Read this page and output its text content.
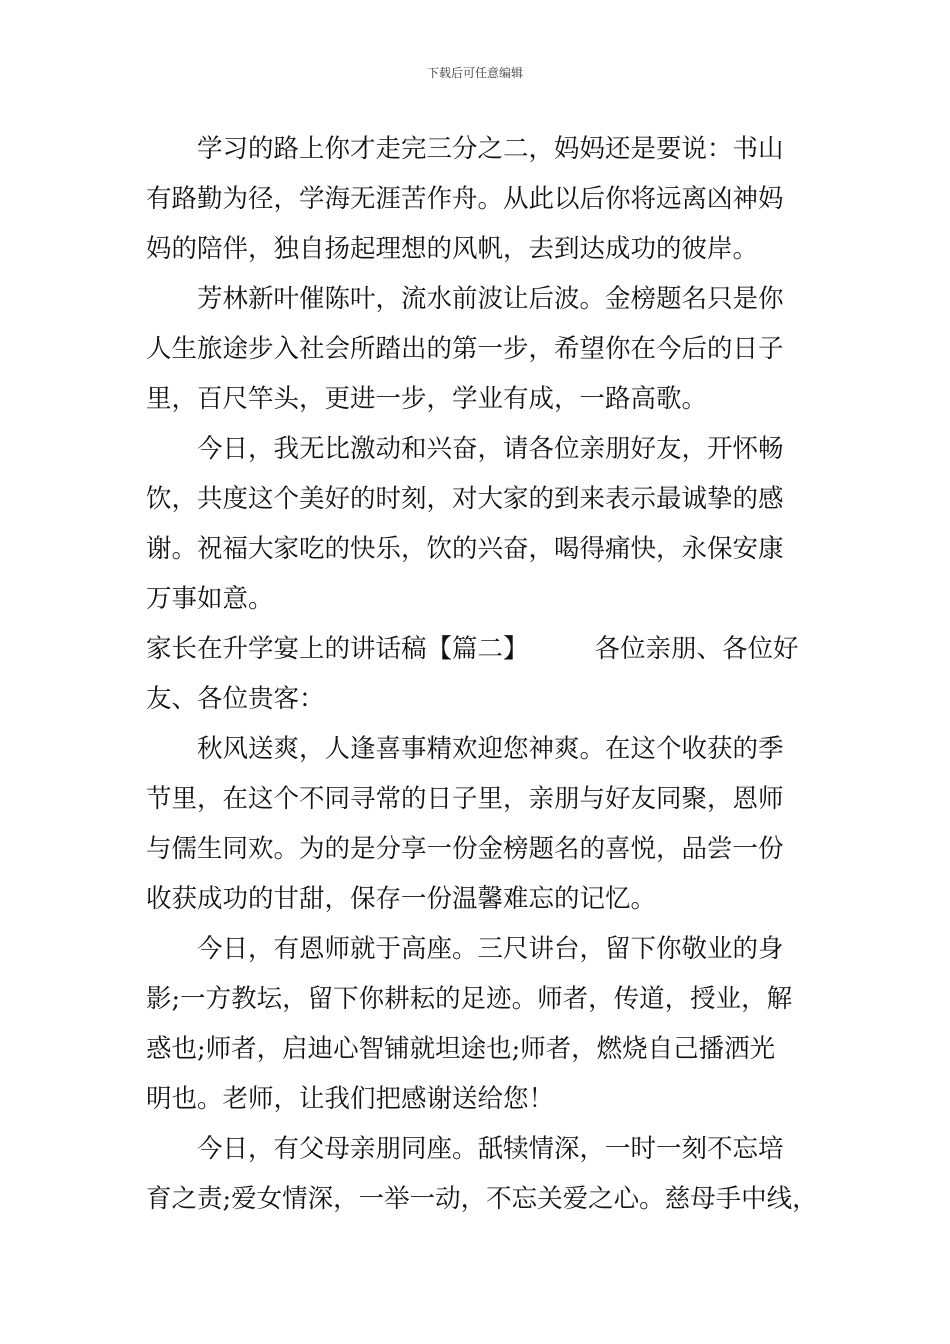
下载后可任意编辑
学习的路上你才走完三分之二，妈妈还是要说：书山
有路勤为径，学海无涯苦作舟。从此以后你将远离凶神妈
妈的陪伴，独自扬起理想的风帆，去到达成功的彼岸。
芳林新叶催陈叶，流水前波让后波。金榜题名只是你
人生旅途步入社会所踏出的第一步，希望你在今后的日子
里，百尺竿头，更进一步，学业有成，一路高歌。
今日，我无比激动和兴奋，请各位亲朋好友，开怀畅
饮，共度这个美好的时刻，对大家的到来表示最诚挚的感
谢。祝福大家吃的快乐，饮的兴奋，喝得痛快，永保安康
万事如意。
家长在升学宴上的讲话稿【篇二】	各位亲朋、各位好
友、各位贵客：
秋风送爽，人逢喜事精欢迎您神爽。在这个收获的季
节里，在这个不同寻常的日子里，亲朋与好友同聚，恩师
与儒生同欢。为的是分享一份金榜题名的喜悦，品尝一份
收获成功的甘甜，保存一份温馨难忘的记忆。
今日，有恩师就于高座。三尺讲台，留下你敬业的身
影;一方教坛，留下你耕耘的足迹。师者，传道，授业，解
惑也;师者，启迪心智铺就坦途也;师者，燃烧自己播洒光
明也。老师，让我们把感谢送给您！
今日，有父母亲朋同座。舐犊情深，一时一刻不忘培
育之责;爱女情深，一举一动，不忘关爱之心。慈母手中线，
